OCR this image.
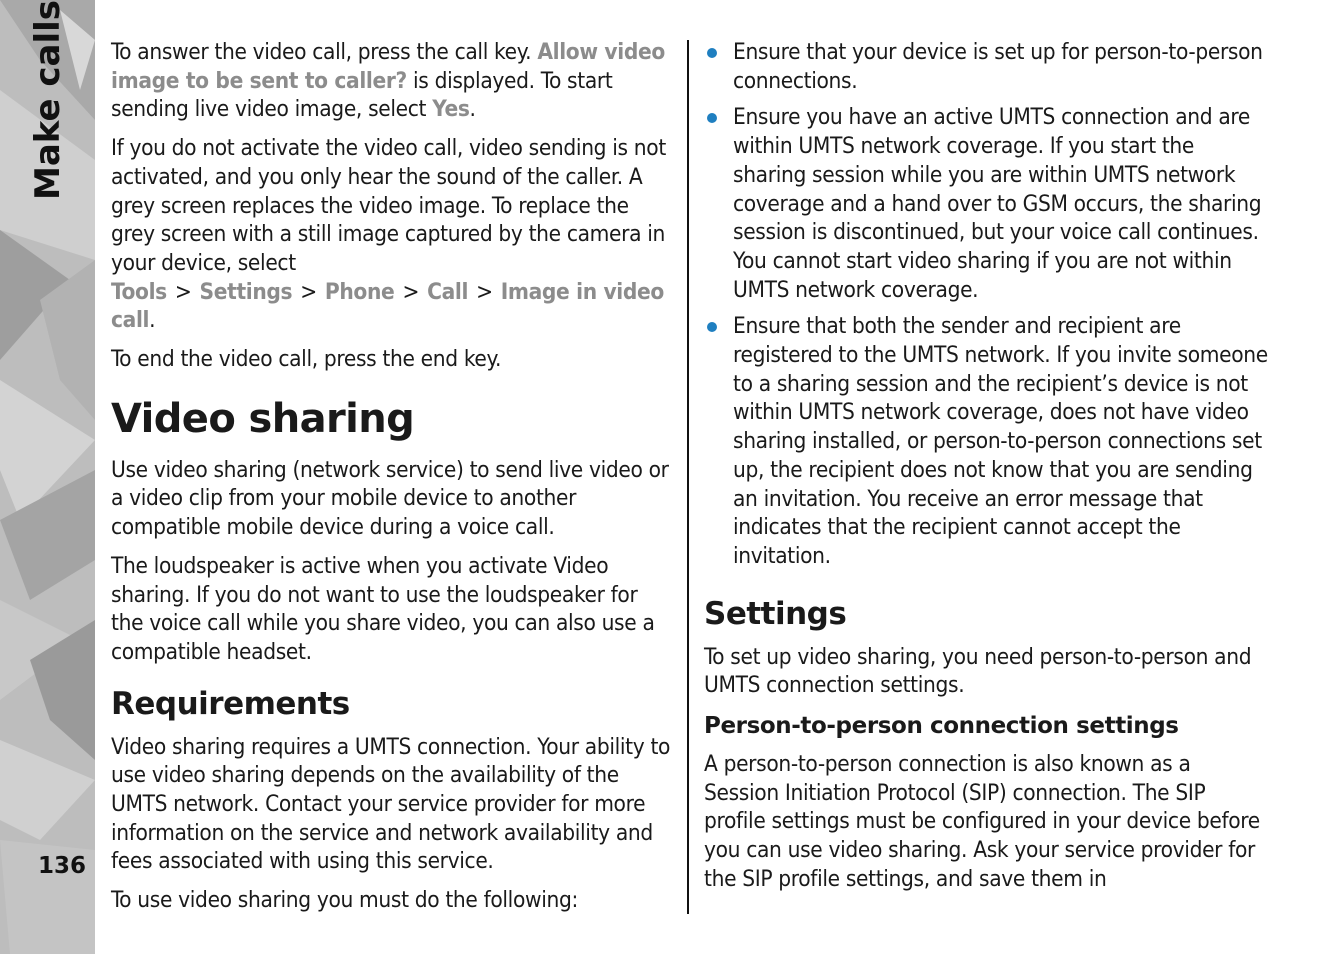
Make calls
136

To answer the video call, press the call key. Allow video image to be sent to caller? is displayed. To start sending live video image, select Yes.

If you do not activate the video call, video sending is not activated, and you only hear the sound of the caller. A grey screen replaces the video image. To replace the grey screen with a still image captured by the camera in your device, select Tools > Settings > Phone > Call > Image in video call.

To end the video call, press the end key.

Video sharing

Use video sharing (network service) to send live video or a video clip from your mobile device to another compatible mobile device during a voice call.

The loudspeaker is active when you activate Video sharing. If you do not want to use the loudspeaker for the voice call while you share video, you can also use a compatible headset.

Requirements

Video sharing requires a UMTS connection. Your ability to use video sharing depends on the availability of the UMTS network. Contact your service provider for more information on the service and network availability and fees associated with using this service.

To use video sharing you must do the following:

Ensure that your device is set up for person-to-person connections.
Ensure you have an active UMTS connection and are within UMTS network coverage. If you start the sharing session while you are within UMTS network coverage and a hand over to GSM occurs, the sharing session is discontinued, but your voice call continues. You cannot start video sharing if you are not within UMTS network coverage.
Ensure that both the sender and recipient are registered to the UMTS network. If you invite someone to a sharing session and the recipient’s device is not within UMTS network coverage, does not have video sharing installed, or person-to-person connections set up, the recipient does not know that you are sending an invitation. You receive an error message that indicates that the recipient cannot accept the invitation.
Settings

To set up video sharing, you need person-to-person and UMTS connection settings.

Person-to-person connection settings

A person-to-person connection is also known as a Session Initiation Protocol (SIP) connection. The SIP profile settings must be configured in your device before you can use video sharing. Ask your service provider for the SIP profile settings, and save them in
